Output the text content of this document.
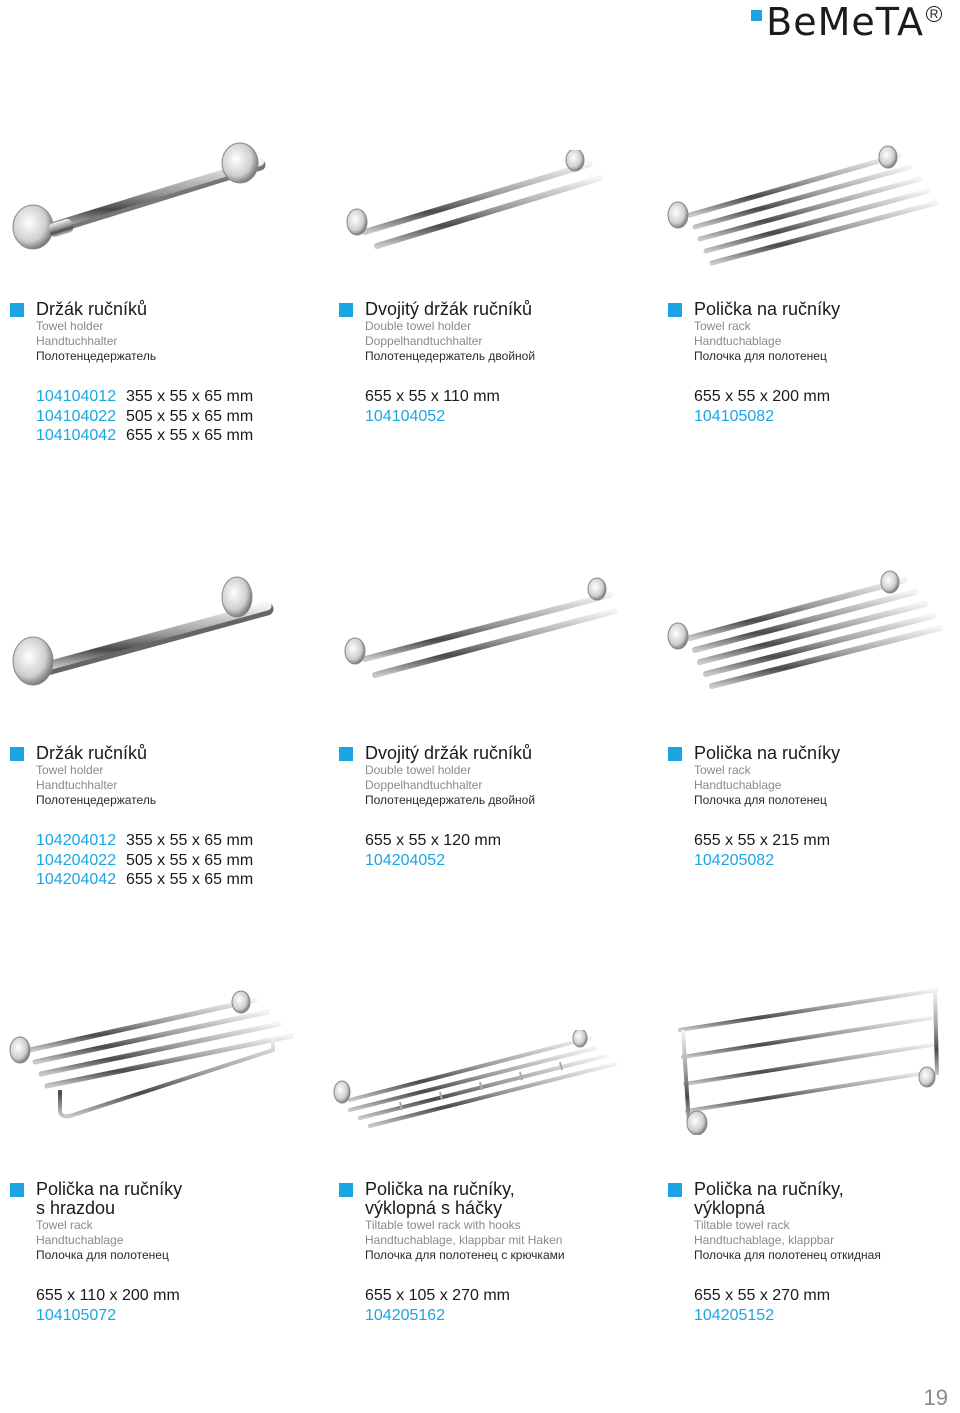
BeMeTA R
Držák ručníků
Towel holder
Handtuchhalter
Полотенцедержатель
104104012 355 x 55 x 65 mm
104104022 505 x 55 x 65 mm
104104042 655 x 55 x 65 mm
Dvojitý držák ručníků
Double towel holder
Doppelhandtuchhalter
Полотенцедержатель двойной
655 x 55 x 110 mm
104104052
Polička na ručníky
Towel rack
Handtuchablage
Полочка для полотенец
655 x 55 x 200 mm
104105082
Držák ručníků
Towel holder
Handtuchhalter
Полотенцедержатель
104204012 355 x 55 x 65 mm
104204022 505 x 55 x 65 mm
104204042 655 x 55 x 65 mm
Dvojitý držák ručníků
Double towel holder
Doppelhandtuchhalter
Полотенцедержатель двойной
655 x 55 x 120 mm
104204052
Polička na ručníky
Towel rack
Handtuchablage
Полочка для полотенец
655 x 55 x 215 mm
104205082
Polička na ručníky
s hrazdou
Towel rack
Handtuchablage
Полочка для полотенец
655 x 110 x 200 mm
104105072
Polička na ručníky,
výklopná s háčky
Tiltable towel rack with hooks
Handtuchablage, klappbar mit Haken
Полочка для полотенец с крючками
655 x 105 x 270 mm
104205162
Polička na ručníky,
výklopná
Tiltable towel rack
Handtuchablage, klappbar
Полочка для полотенец откидная
655 x 55 x 270 mm
104205152
19
